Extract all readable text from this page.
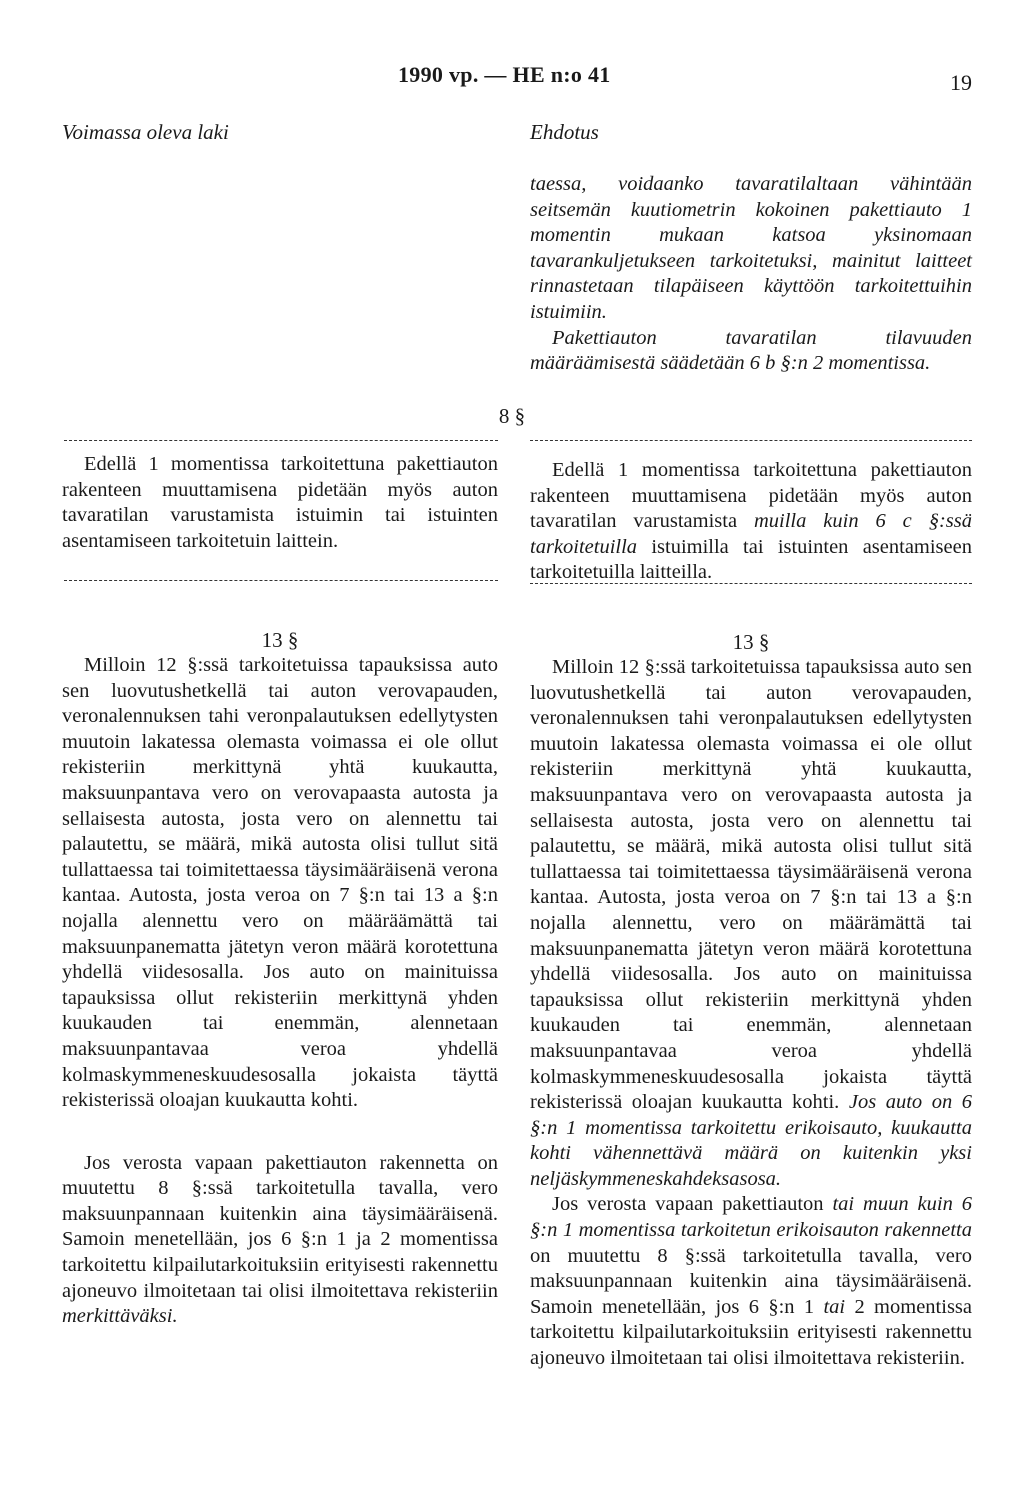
1990 vp. — HE n:o 41	19
Voimassa oleva laki	Ehdotus

taessa, voidaanko tavaratilaltaan vähintään seitsemän kuutiometrin kokoinen pakettiauto 1 momentin mukaan katsoa yksinomaan tavarankuljetukseen tarkoitetuksi, mainitut laitteet rinnastetaan tilapäiseen käyttöön tarkoitettuihin istuimiin.

Pakettiauton tavaratilan tilavuuden määräämisestä säädetään 6 b §:n 2 momentissa.

8 §

Edellä 1 momentissa tarkoitettuna pakettiauton rakenteen muuttamisena pidetään myös auton tavaratilan varustamista istuimin tai istuinten asentamiseen tarkoitetuin laittein.

Edellä 1 momentissa tarkoitettuna pakettiauton rakenteen muuttamisena pidetään myös auton tavaratilan varustamista muilla kuin 6 c §:ssä tarkoitetuilla istuimilla tai istuinten asentamiseen tarkoitetuilla laitteilla.

13 §

Milloin 12 §:ssä tarkoitetuissa tapauksissa auto sen luovutushetkellä tai auton verovapauden, veronalennuksen tahi veronpalautuksen edellytysten muutoin lakatessa olemasta voimassa ei ole ollut rekisteriin merkittynä yhtä kuukautta, maksuunpantava vero on verovapaasta autosta ja sellaisesta autosta, josta vero on alennettu tai palautettu, se määrä, mikä autosta olisi tullut sitä tullattaessa tai toimitettaessa täysimääräisenä verona kantaa. Autosta, josta veroa on 7 §:n tai 13 a §:n nojalla alennettu vero on määräämättä tai maksuunpanematta jätetyn veron määrä korotettuna yhdellä viidesosalla. Jos auto on mainituissa tapauksissa ollut rekisteriin merkittynä yhden kuukauden tai enemmän, alennetaan maksuunpantavaa veroa yhdellä kolmaskymmeneskuudesosalla jokaista täyttä rekisterissä oloajan kuukautta kohti.

Jos verosta vapaan pakettiauton rakennetta on muutettu 8 §:ssä tarkoitetulla tavalla, vero maksuunpannaan kuitenkin aina täysimääräisenä. Samoin menetellään, jos 6 §:n 1 ja 2 momentissa tarkoitettu kilpailutarkoituksiin erityisesti rakennettu ajoneuvo ilmoitetaan tai olisi ilmoitettava rekisteriin merkittäväksi.

13 §

Milloin 12 §:ssä tarkoitetuissa tapauksissa auto sen luovutushetkellä tai auton verovapauden, veronalennuksen tahi veronpalautuksen edellytysten muutoin lakatessa olemasta voimassa ei ole ollut rekisteriin merkittynä yhtä kuukautta, maksuunpantava vero on verovapaasta autosta ja sellaisesta autosta, josta vero on alennettu tai palautettu, se määrä, mikä autosta olisi tullut sitä tullattaessa tai toimitettaessa täysimääräisenä verona kantaa. Autosta, josta veroa on 7 §:n tai 13 a §:n nojalla alennettu, vero on määrämättä tai maksuunpanematta jätetyn veron määrä korotettuna yhdellä viidesosalla. Jos auto on mainituissa tapauksissa ollut rekisteriin merkittynä yhden kuukauden tai enemmän, alennetaan maksuunpantavaa veroa yhdellä kolmaskymmeneskuudesosalla jokaista täyttä rekisterissä oloajan kuukautta kohti. Jos auto on 6 §:n 1 momentissa tarkoitettu erikoisauto, kuukautta kohti vähennettävä määrä on kuitenkin yksi neljäskymmeneskahdeksasosa.

Jos verosta vapaan pakettiauton tai muun kuin 6 §:n 1 momentissa tarkoitetun erikoisauton rakennetta on muutettu 8 §:ssä tarkoitetulla tavalla, vero maksuunpannaan kuitenkin aina täysimääräisenä. Samoin menetellään, jos 6 §:n 1 tai 2 momentissa tarkoitettu kilpailutarkoituksiin erityisesti rakennettu ajoneuvo ilmoitetaan tai olisi ilmoitettava rekisteriin.
